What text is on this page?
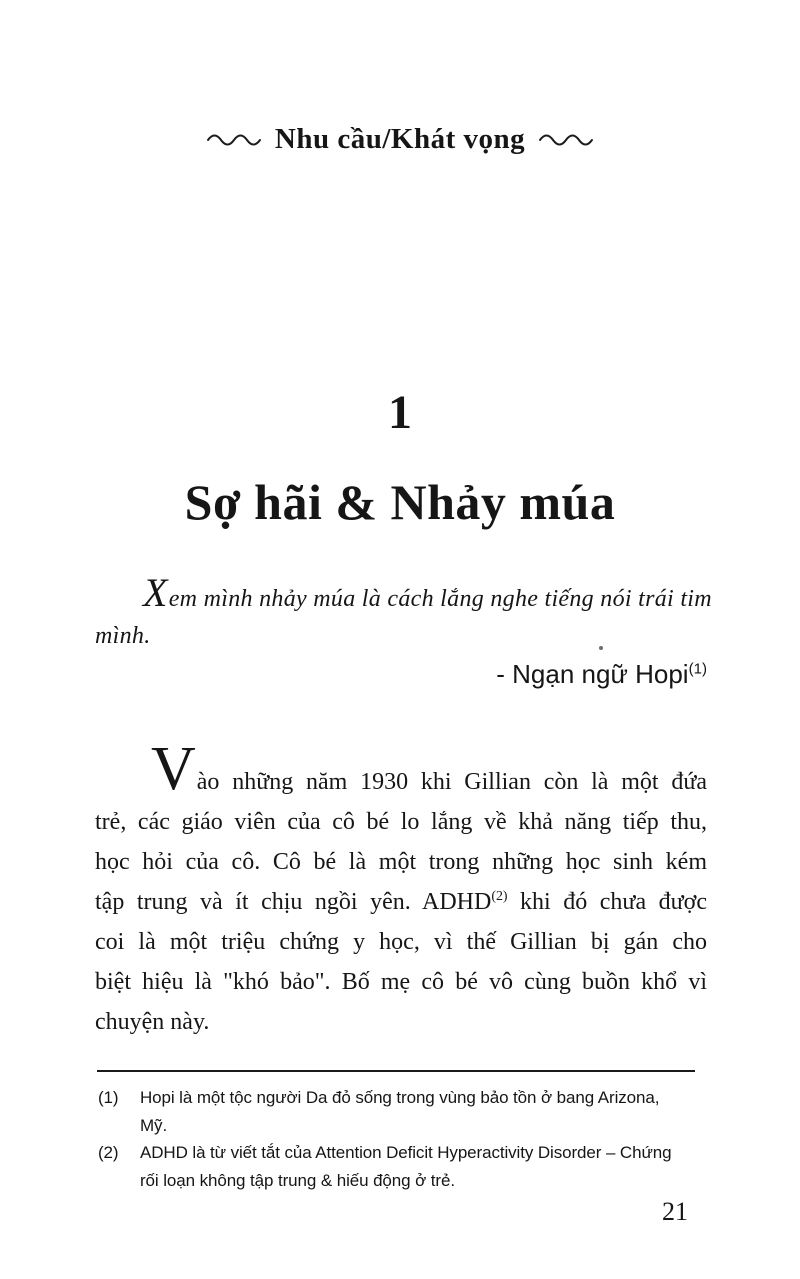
Nhu cầu/Khát vọng
1
Sợ hãi & Nhảy múa
Xem mình nhảy múa là cách lắng nghe tiếng nói trái tim
mình.
- Ngạn ngữ Hopi$^{(1)}$
Vào những năm 1930 khi Gillian còn là một đứa
trẻ, các giáo viên của cô bé lo lắng về khả năng tiếp thu,
học hỏi của cô. Cô bé là một trong những học sinh kém
tập trung và ít chịu ngồi yên. ADHD$^{(2)}$ khi đó chưa được
coi là một triệu chứng y học, vì thế Gillian bị gán cho
biệt hiệu là "khó bảo". Bố mẹ cô bé vô cùng buồn khổ vì
chuyện này.
(1)	Hopi là một tộc người Da đỏ sống trong vùng bảo tồn ở bang Arizona,
Mỹ.
(2)	ADHD là từ viết tắt của Attention Deficit Hyperactivity Disorder – Chứng
rối loạn không tập trung & hiếu động ở trẻ.
21
